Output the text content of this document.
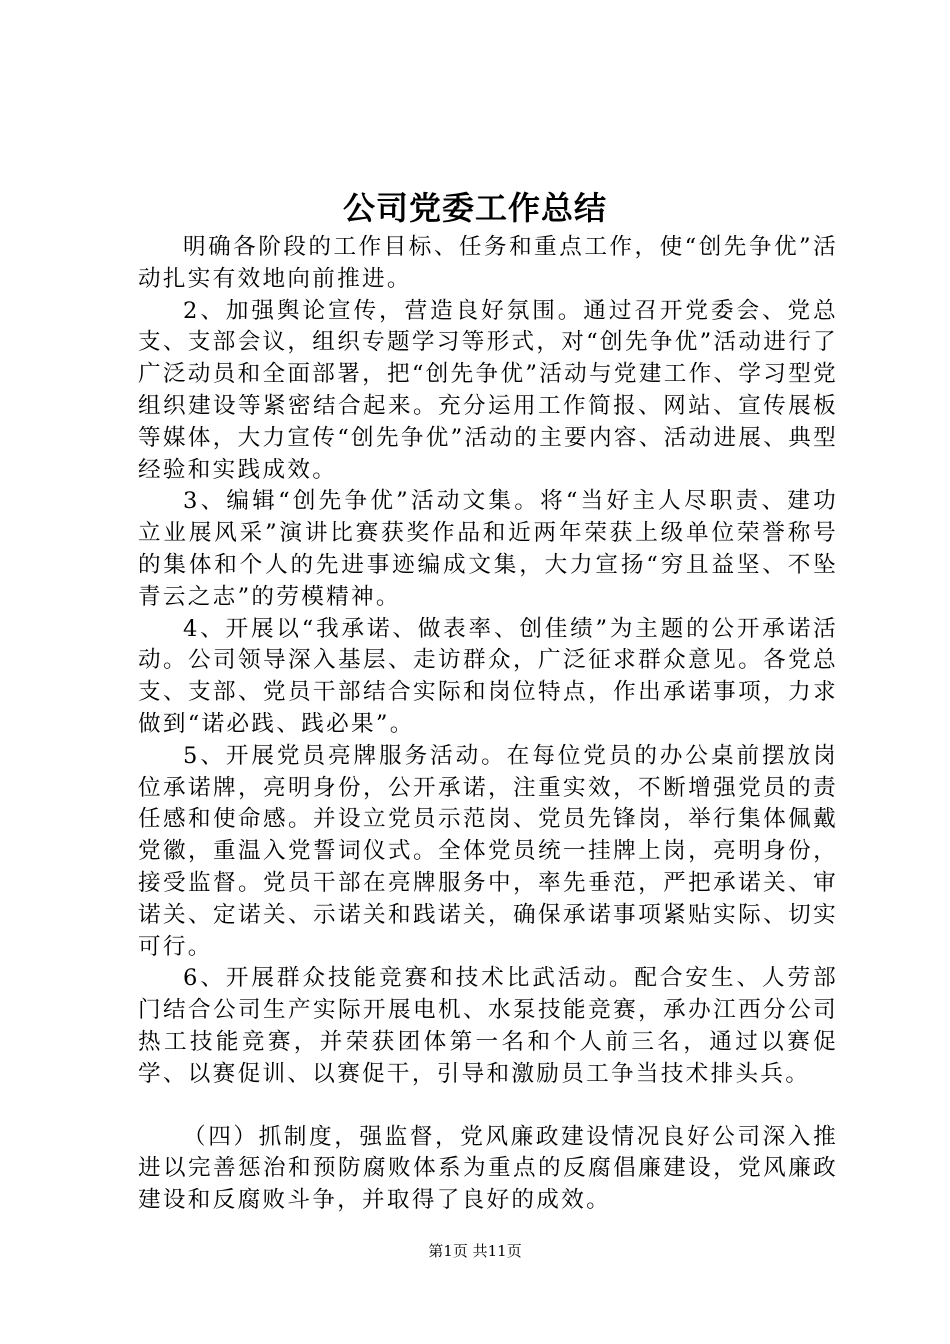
公司党委工作总结

明确各阶段的工作目标、任务和重点工作，使“创先争优”活动扎实有效地向前推进。

2、加强舆论宣传，营造良好氛围。通过召开党委会、党总支、支部会议，组织专题学习等形式，对“创先争优”活动进行了广泛动员和全面部署，把“创先争优”活动与党建工作、学习型党组织建设等紧密结合起来。充分运用工作简报、网站、宣传展板等媒体，大力宣传“创先争优”活动的主要内容、活动进展、典型经验和实践成效。

3、编辑“创先争优”活动文集。将“当好主人尽职责、建功立业展风采”演讲比赛获奖作品和近两年荣获上级单位荣誉称号的集体和个人的先进事迹编成文集，大力宣扬“穷且益坚、不坠青云之志”的劳模精神。

4、开展以“我承诺、做表率、创佳绩”为主题的公开承诺活动。公司领导深入基层、走访群众，广泛征求群众意见。各党总支、支部、党员干部结合实际和岗位特点，作出承诺事项，力求做到“诺必践、践必果”。

5、开展党员亮牌服务活动。在每位党员的办公桌前摆放岗位承诺牌，亮明身份，公开承诺，注重实效，不断增强党员的责任感和使命感。并设立党员示范岗、党员先锋岗，举行集体佩戴党徽，重温入党誓词仪式。全体党员统一挂牌上岗，亮明身份，接受监督。党员干部在亮牌服务中，率先垂范，严把承诺关、审诺关、定诺关、示诺关和践诺关，确保承诺事项紧贴实际、切实可行。

6、开展群众技能竞赛和技术比武活动。配合安生、人劳部门结合公司生产实际开展电机、水泵技能竞赛，承办江西分公司热工技能竞赛，并荣获团体第一名和个人前三名，通过以赛促学、以赛促训、以赛促干，引导和激励员工争当技术排头兵。

（四）抓制度，强监督，党风廉政建设情况良好公司深入推进以完善惩治和预防腐败体系为重点的反腐倡廉建设，党风廉政建设和反腐败斗争，并取得了良好的成效。

第1页 共11页
